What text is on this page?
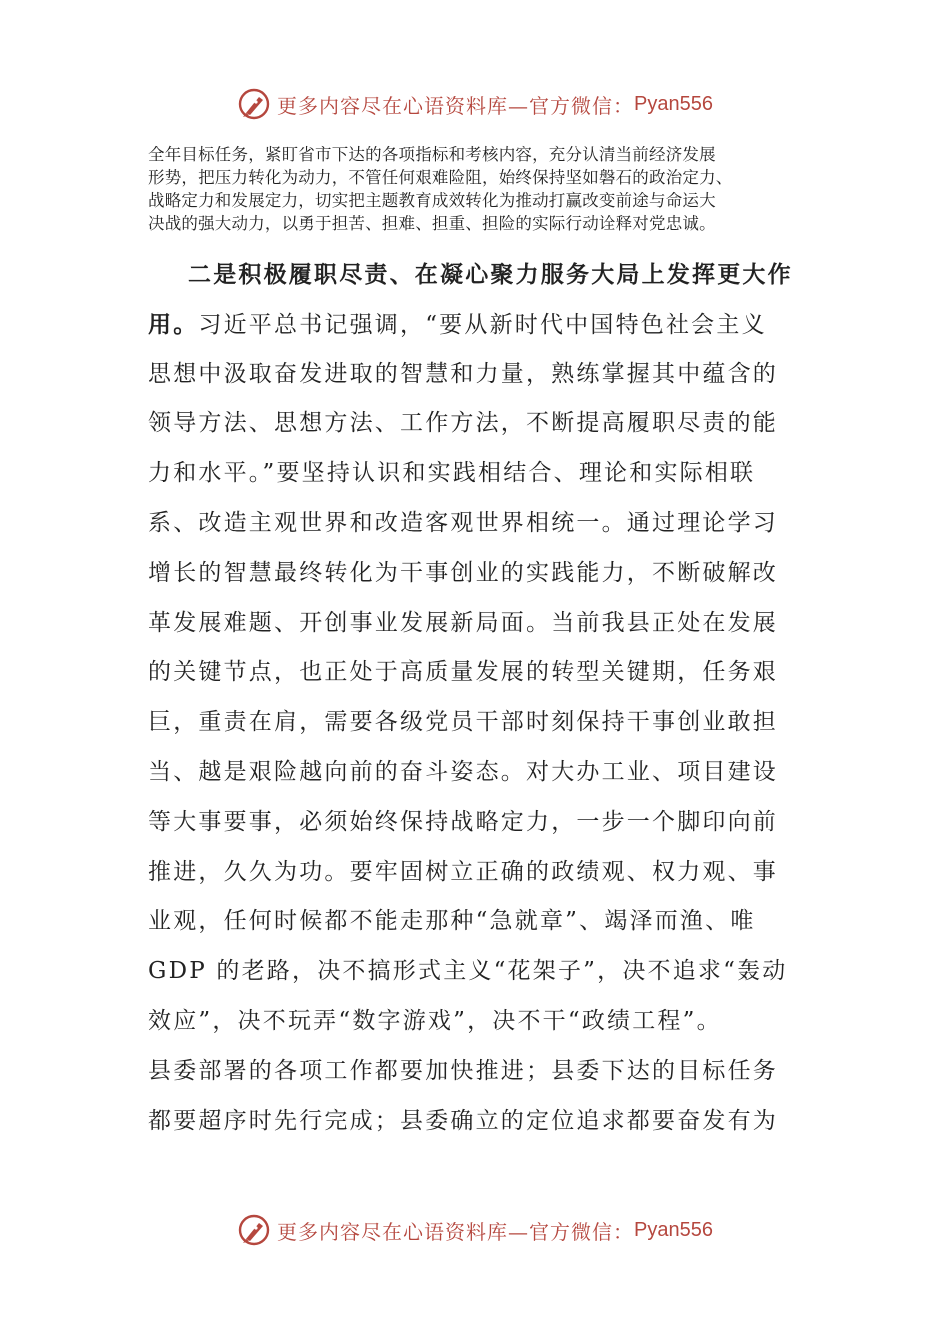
更多内容尽在心语资料库—官方微信： Pyan556
全年目标任务，紧盯省市下达的各项指标和考核内容，充分认清当前经济发展
形势，把压力转化为动力，不管任何艰难险阻，始终保持坚如磐石的政治定力、
战略定力和发展定力，切实把主题教育成效转化为推动打赢改变前途与命运大
决战的强大动力，以勇于担苦、担难、担重、担险的实际行动诠释对党忠诚。
二是积极履职尽责、在凝心聚力服务大局上发挥更大作
用。习近平总书记强调，“要从新时代中国特色社会主义
思想中汲取奋发进取的智慧和力量，熟练掌握其中蕴含的
领导方法、思想方法、工作方法，不断提高履职尽责的能
力和水平。”要坚持认识和实践相结合、理论和实际相联
系、改造主观世界和改造客观世界相统一。通过理论学习
增长的智慧最终转化为干事创业的实践能力，不断破解改
革发展难题、开创事业发展新局面。当前我县正处在发展
的关键节点，也正处于高质量发展的转型关键期，任务艰
巨，重责在肩，需要各级党员干部时刻保持干事创业敢担
当、越是艰险越向前的奋斗姿态。对大办工业、项目建设
等大事要事，必须始终保持战略定力，一步一个脚印向前
推进，久久为功。要牢固树立正确的政绩观、权力观、事
业观，任何时候都不能走那种“急就章”、竭泽而渔、唯
GDP 的老路，决不搞形式主义“花架子”，决不追求“轰动
效应”，决不玩弄“数字游戏”，决不干“政绩工程”。
县委部署的各项工作都要加快推进；县委下达的目标任务
都要超序时先行完成；县委确立的定位追求都要奋发有为
更多内容尽在心语资料库—官方微信： Pyan556
